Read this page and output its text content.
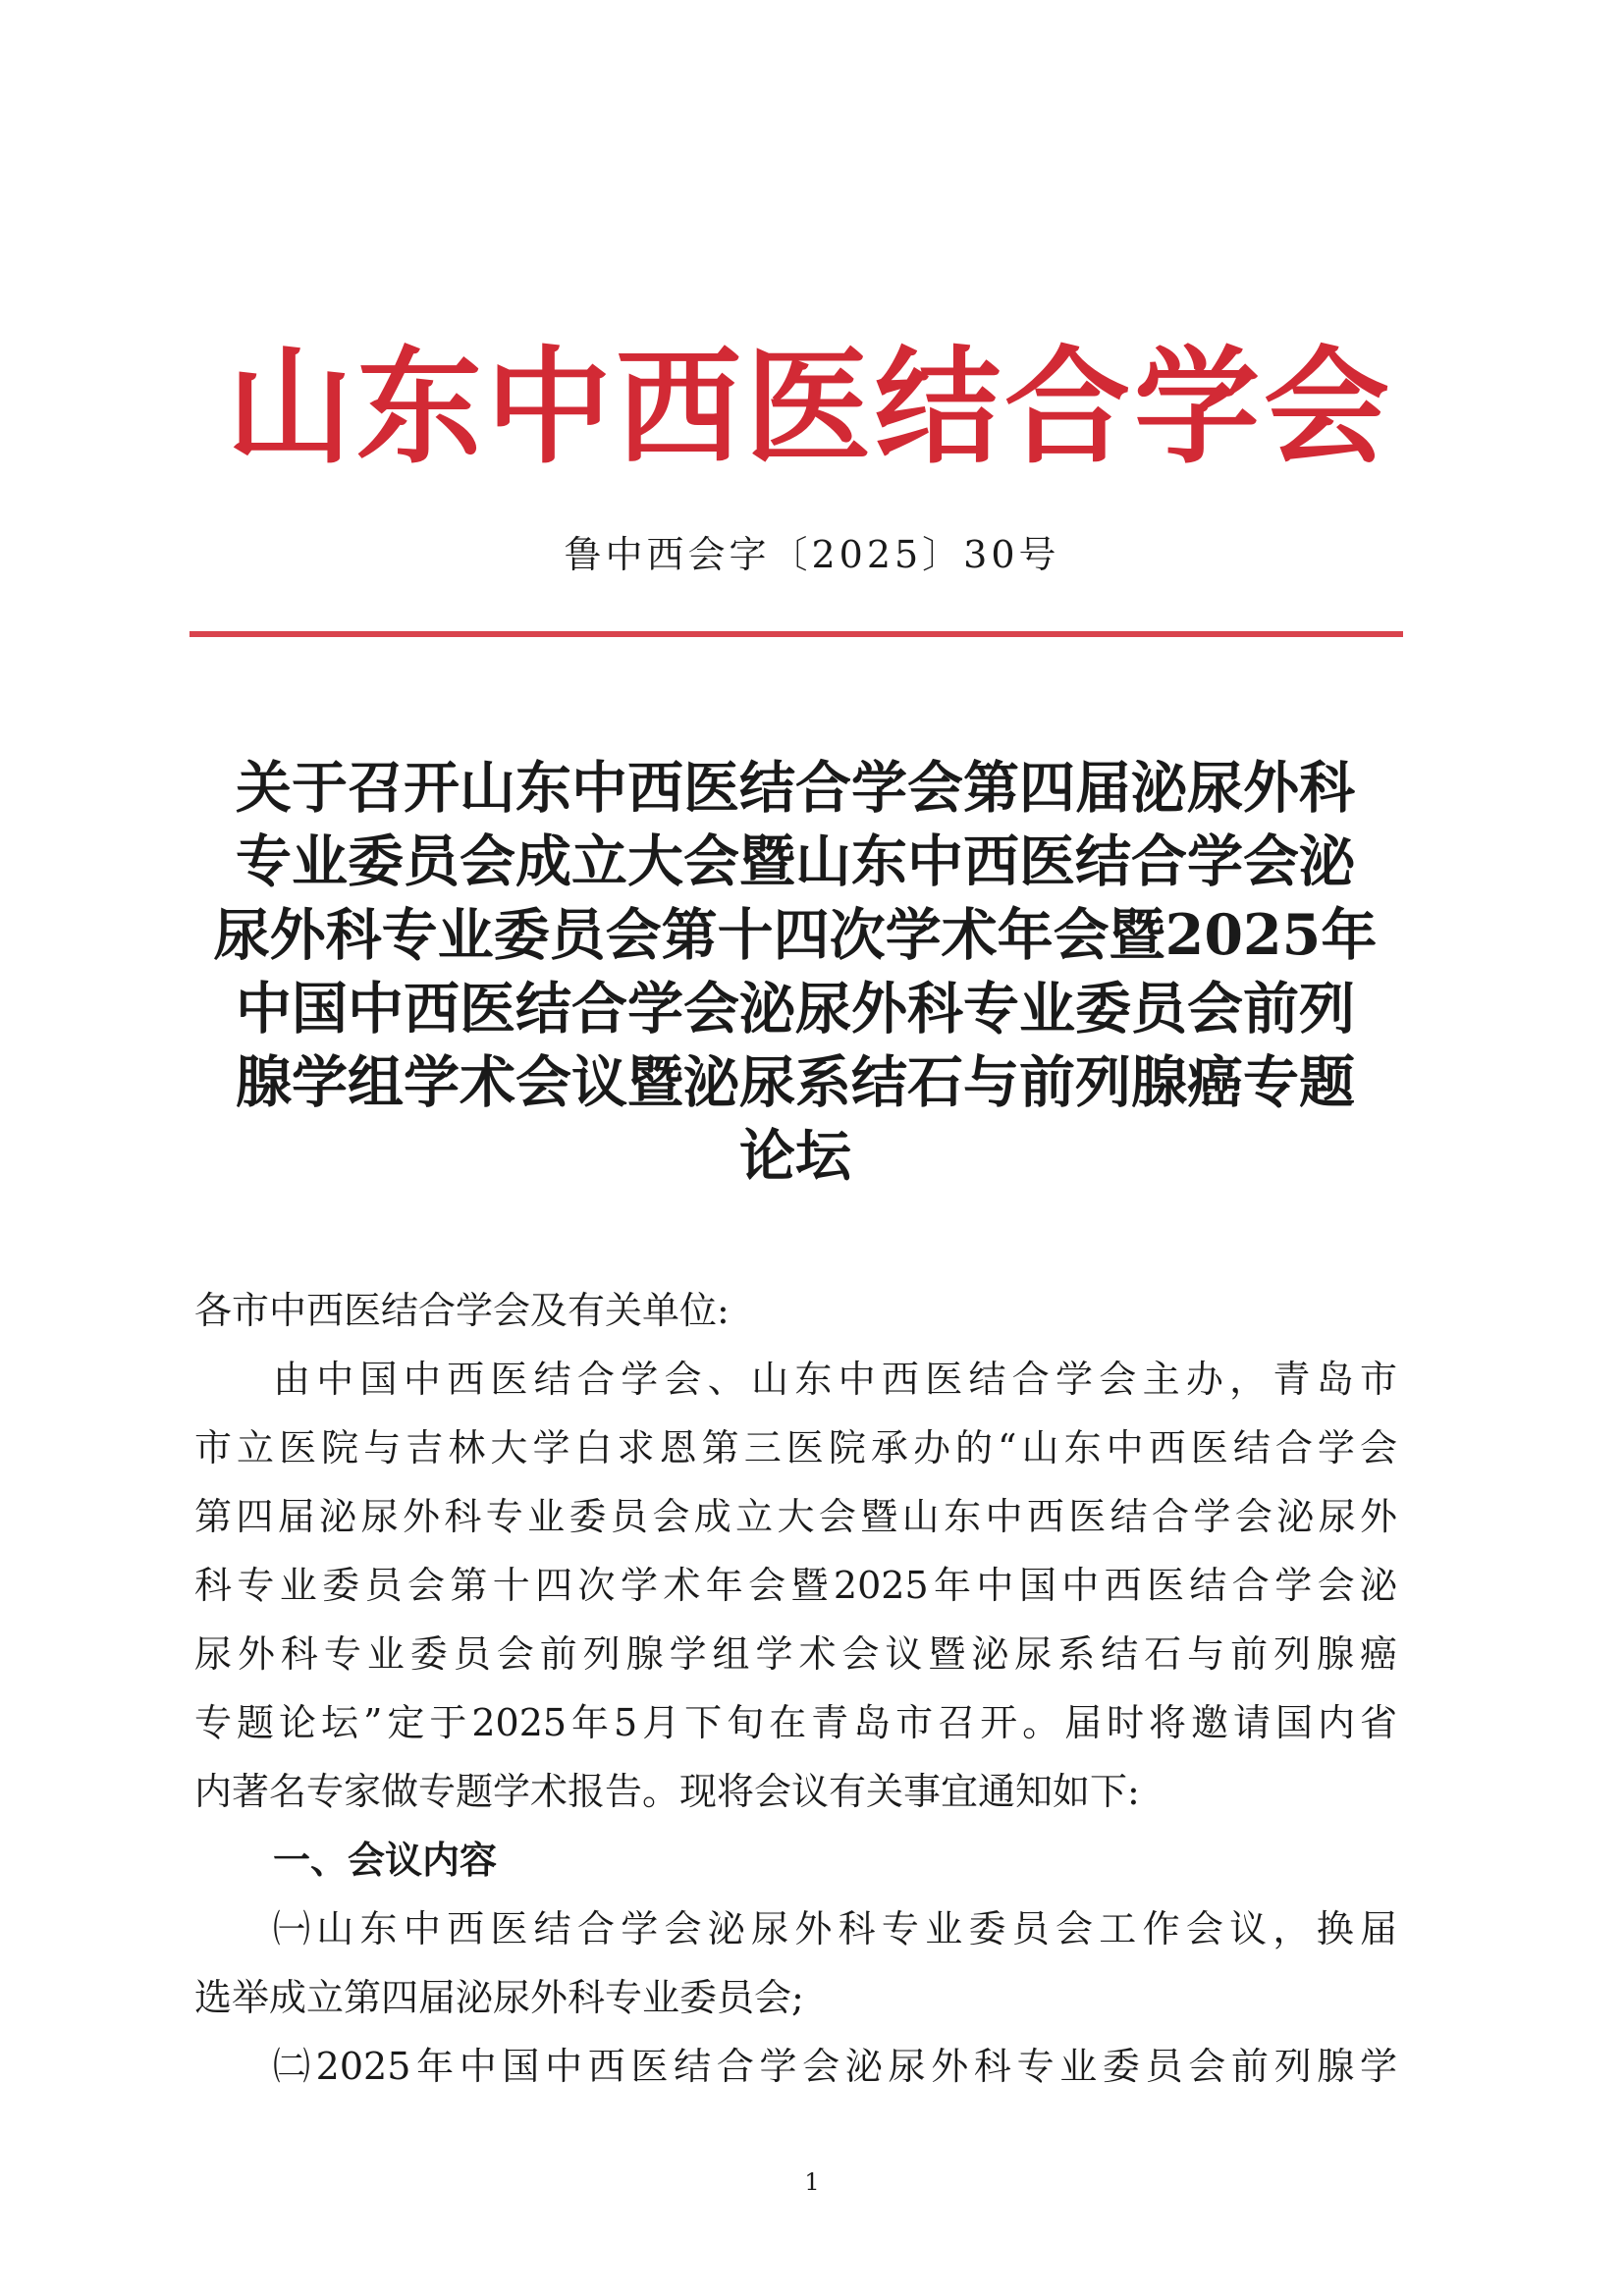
山东中西医结合学会
鲁中西会字〔2025〕30号
关于召开山东中西医结合学会第四届泌尿外科
专业委员会成立大会暨山东中西医结合学会泌
尿外科专业委员会第十四次学术年会暨2025年
中国中西医结合学会泌尿外科专业委员会前列
腺学组学术会议暨泌尿系结石与前列腺癌专题
论坛
各市中西医结合学会及有关单位:
由中国中西医结合学会、山东中西医结合学会主办，青岛市
市立医院与吉林大学白求恩第三医院承办的“山东中西医结合学会
第四届泌尿外科专业委员会成立大会暨山东中西医结合学会泌尿外
科专业委员会第十四次学术年会暨2025年中国中西医结合学会泌
尿外科专业委员会前列腺学组学术会议暨泌尿系结石与前列腺癌
专题论坛”定于2025年5月下旬在青岛市召开。届时将邀请国内省
内著名专家做专题学术报告。现将会议有关事宜通知如下:
一、会议内容
㈠山东中西医结合学会泌尿外科专业委员会工作会议，换届
选举成立第四届泌尿外科专业委员会;
㈡2025年中国中西医结合学会泌尿外科专业委员会前列腺学
1
